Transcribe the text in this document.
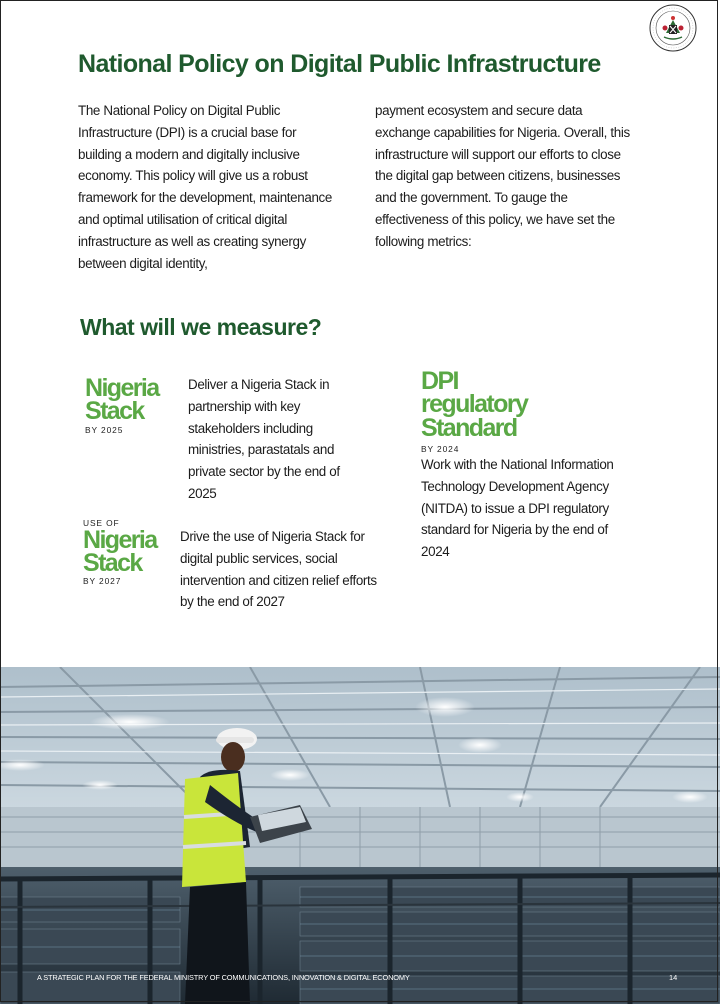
National Policy on Digital Public Infrastructure

The National Policy on Digital Public Infrastructure (DPI) is a crucial base for building a modern and digitally inclusive economy. This policy will give us a robust framework for the development, maintenance and optimal utilisation of critical digital infrastructure as well as creating synergy between digital identity,

payment ecosystem and secure data exchange capabilities for Nigeria. Overall, this infrastructure will support our efforts to close the digital gap between citizens, businesses and the government. To gauge the effectiveness of this policy, we have set the following metrics:

What will we measure?
Nigeria
Stack
BY 2025

Deliver a Nigeria Stack in partnership with key stakeholders including ministries, parastatals and private sector by the end of 2025

USE OF
Nigeria
Stack
BY 2027

Drive the use of Nigeria Stack for digital public services, social intervention and citizen relief efforts by the end of 2027

DPI
regulatory
Standard
BY 2024

Work with the National Information Technology Development Agency (NITDA) to issue a DPI regulatory standard for Nigeria by the end of 2024

A STRATEGIC PLAN FOR THE FEDERAL MINISTRY OF COMMUNICATIONS, INNOVATION & DIGITAL ECONOMY	14
